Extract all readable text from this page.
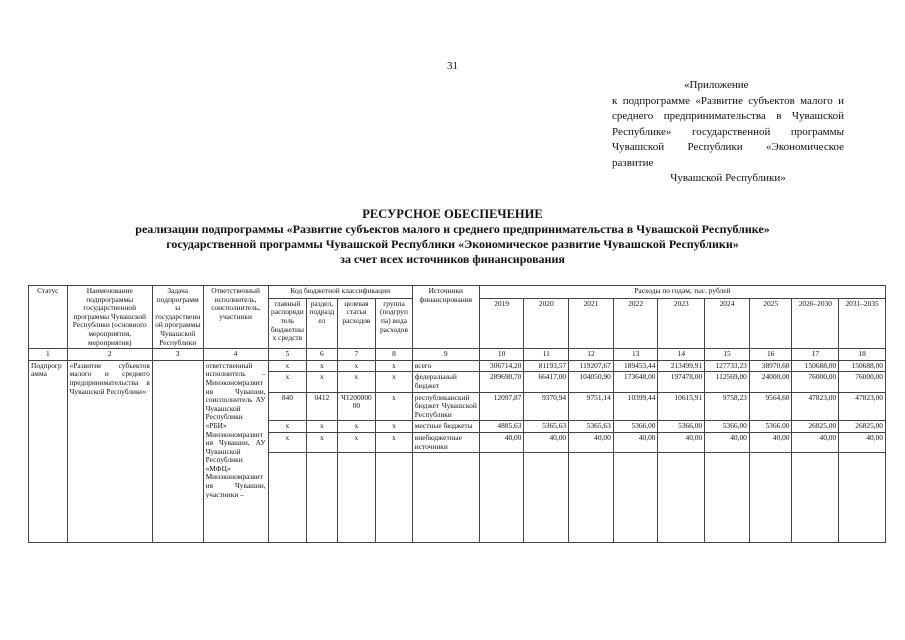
31
«Приложение
к подпрограмме «Развитие субъектов малого и среднего предпринимательства в Чувашской Республике» государственной программы Чувашской Республики «Экономическое развитие
Чувашской Республики»
РЕСУРСНОЕ ОБЕСПЕЧЕНИЕ
реализации подпрограммы «Развитие субъектов малого и среднего предпринимательства в Чувашской Республике»
государственной программы Чувашской Республики «Экономическое развитие Чувашской Республики»
за счет всех источников финансирования
Статус	Наименование подпрограммы государственной программы Чувашской Республики (основного мероприятия, мероприятия)	Задача подпрограммы государственной программы Чувашской Республики	Ответственный исполнитель, соисполнитель, участники	Код бюджетной классификации				Источники финансирования	Расходы по годам, тыс. рублей								
				главный распорядитель бюджетных средств	раздел, подраздел	целевая статья расходов	группа (подгруппа) вида расходов		2019	2020	2021	2022	2023	2024	2025	2026–2030	2031–2035
1	2	3	4	5	6	7	8	9	10	11	12	13	14	15	16	17	18
Подпрограмма	«Развитие субъектов малого и среднего предпринимательства в Чувашской Республике»		ответственный исполнитель – Минэкономразвития Чувашии, соисполнитель АУ Чувашской Республики «РБИ» Минэкономразвития Чувашии, АУ Чувашской Республики «МФЦ» Минэкономразвития Чувашии, участники –	x	x	x	x	всего	306714,20	81193,57	119207,67	189453,44	213499,91	127733,23	38970,60	150688,00	150688,00
				x	x	x	x	федеральный бюджет	289690,70	66417,00	104050,90	173648,00	197478,00	112569,00	24000,00	76000,00	76000,00
				840	0412	Ч120000000	x	республиканский бюджет Чувашской Республики	12097,87	9370,94	9751,14	10399,44	10615,91	9758,23	9564,60	47823,00	47823,00
				x	x	x	x	местные бюджеты	4885,63	5365,63	5365,63	5366,00	5366,00	5366,00	5366,00	26825,00	26825,00
				x	x	x	x	внебюджетные источники	40,00	40,00	40,00	40,00	40,00	40,00	40,00	40,00	40,00
